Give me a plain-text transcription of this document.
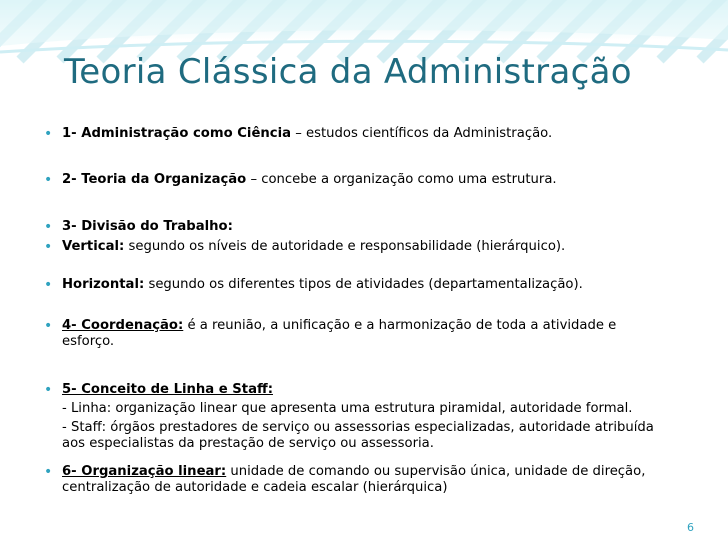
Teoria Clássica da Administração
• 1- Administração como Ciência – estudos científicos da Administração.
• 2- Teoria da Organização – concebe a organização como uma estrutura.
• 3- Divisão do Trabalho:
• Vertical: segundo os níveis de autoridade e responsabilidade (hierárquico).
• Horizontal: segundo os diferentes tipos de atividades (departamentalização).
• 4- Coordenação: é a reunião, a unificação e a harmonização de toda a atividade e
esforço.
• 5- Conceito de Linha e Staff:
- Linha: organização linear que apresenta uma estrutura piramidal, autoridade formal.
- Staff: órgãos prestadores de serviço ou assessorias especializadas, autoridade atribuída
aos especialistas da prestação de serviço ou assessoria.
• 6- Organização linear: unidade de comando ou supervisão única, unidade de direção,
centralização de autoridade e cadeia escalar (hierárquica)
6
